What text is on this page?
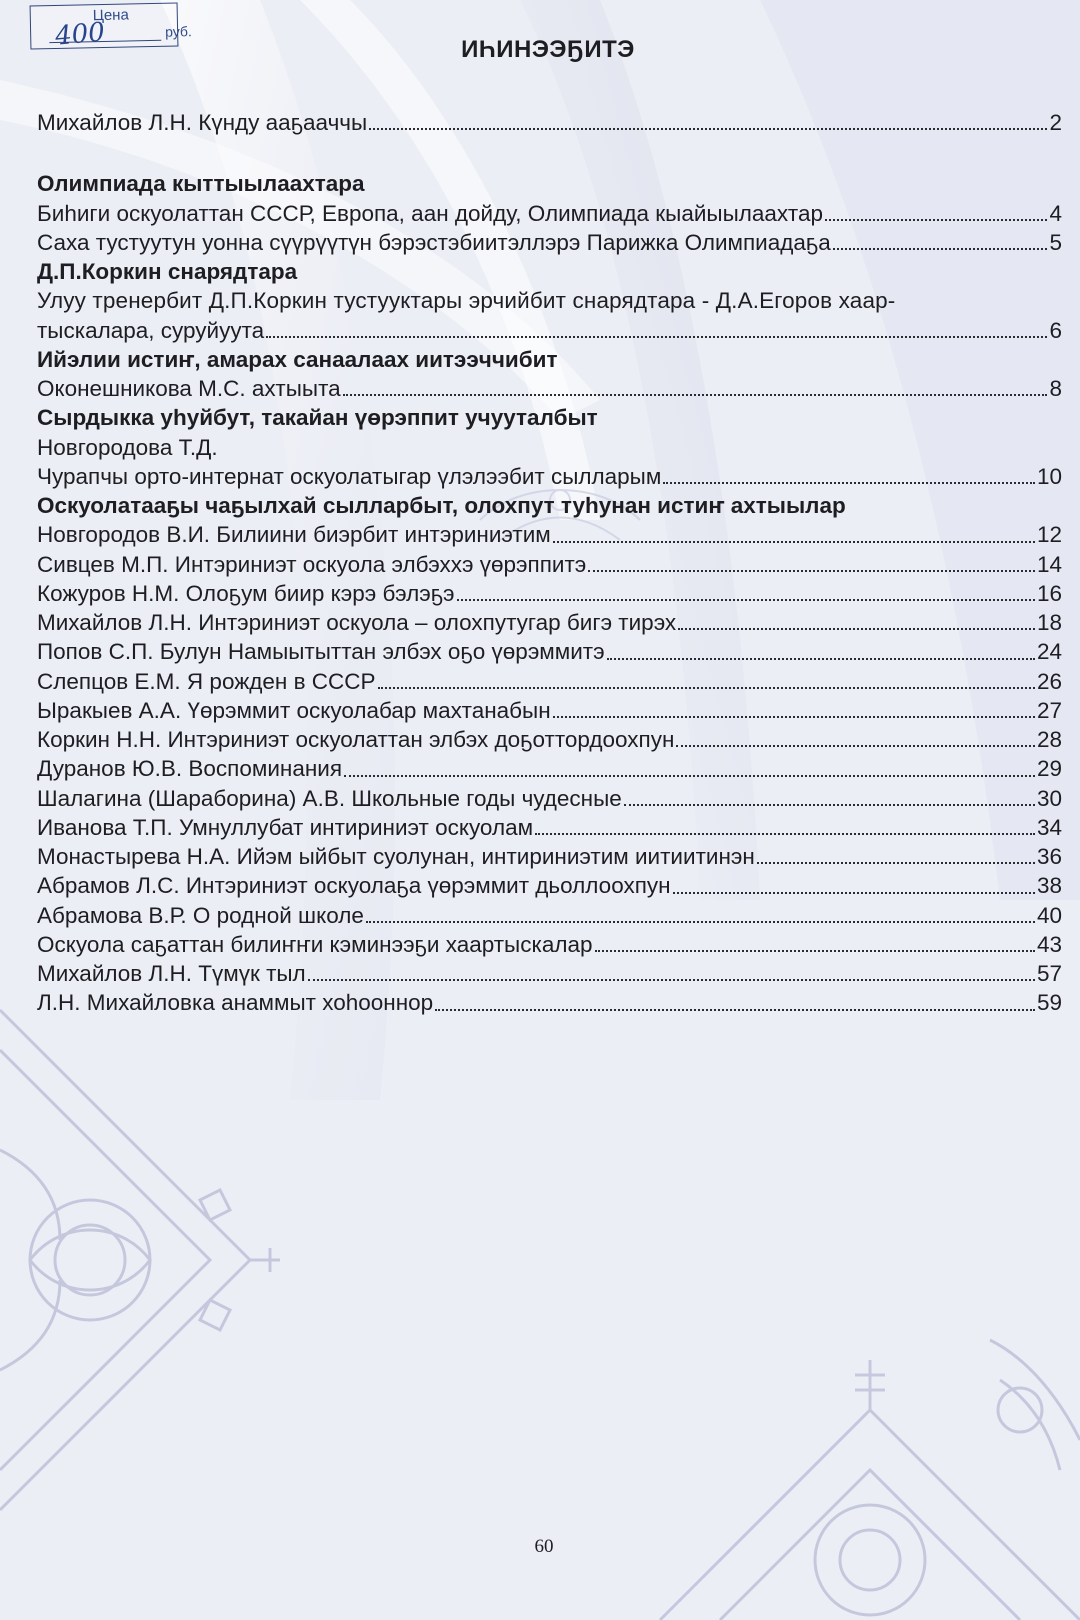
Цена
400	руб.
ИҺИНЭЭҔИТЭ
Михайлов Л.Н. Күнду ааҕааччы	2
Олимпиада кыттыылаахтара
Биһиги оскуолаттан СССР, Европа, аан дойду, Олимпиада кыайыылаахтар	4
Саха тустуутун уонна сүүрүүтүн бэрэстэбиитэллэрэ Парижка Олимпиадаҕа	5
Д.П.Коркин снарядтара
Улуу тренербит Д.П.Коркин тустууктары эрчийбит снарядтара - Д.А.Егоров хаар-
тыскалара, суруйуута	6
Ийэлии истиҥ, амарах санаалаах иитээччибит
Оконешникова М.С. ахтыыта	8
Сырдыкка уһуйбут, такайан үөрэппит учууталбыт
Новгородова Т.Д.
Чурапчы орто-интернат оскуолатыгар үлэлээбит сылларым	10
Оскуолатааҕы чаҕылхай сылларбыт, олохпут туһунан истиҥ ахтыылар
Новгородов В.И. Билиини биэрбит интэриниэтим	12
Сивцев М.П. Интэриниэт оскуола элбэххэ үөрэппитэ	14
Кожуров Н.М. Олоҕум биир кэрэ бэлэҕэ	16
Михайлов Л.Н. Интэриниэт оскуола – олохпутугар бигэ тирэх	18
Попов С.П. Булун Намыытыттан элбэх оҕо үөрэммитэ	24
Слепцов Е.М. Я рожден в СССР	26
Ыракыев А.А. Үөрэммит оскуолабар махтанабын	27
Коркин Н.Н. Интэриниэт оскуолаттан элбэх доҕоттордоохпун	28
Дуранов Ю.В. Воспоминания	29
Шалагина (Шараборина) А.В. Школьные годы чудесные	30
Иванова Т.П. Умнуллубат интириниэт оскуолам	34
Монастырева Н.А. Ийэм ыйбыт суолунан, интириниэтим иитиитинэн	36
Абрамов Л.С. Интэриниэт оскуолаҕа үөрэммит дьоллоохпун	38
Абрамова В.Р. О родной школе	40
Оскуола саҕаттан билиҥҥи кэминээҕи хаартыскалар	43
Михайлов Л.Н. Түмүк тыл	57
Л.Н. Михайловка анаммыт хоһооннор	59
60
